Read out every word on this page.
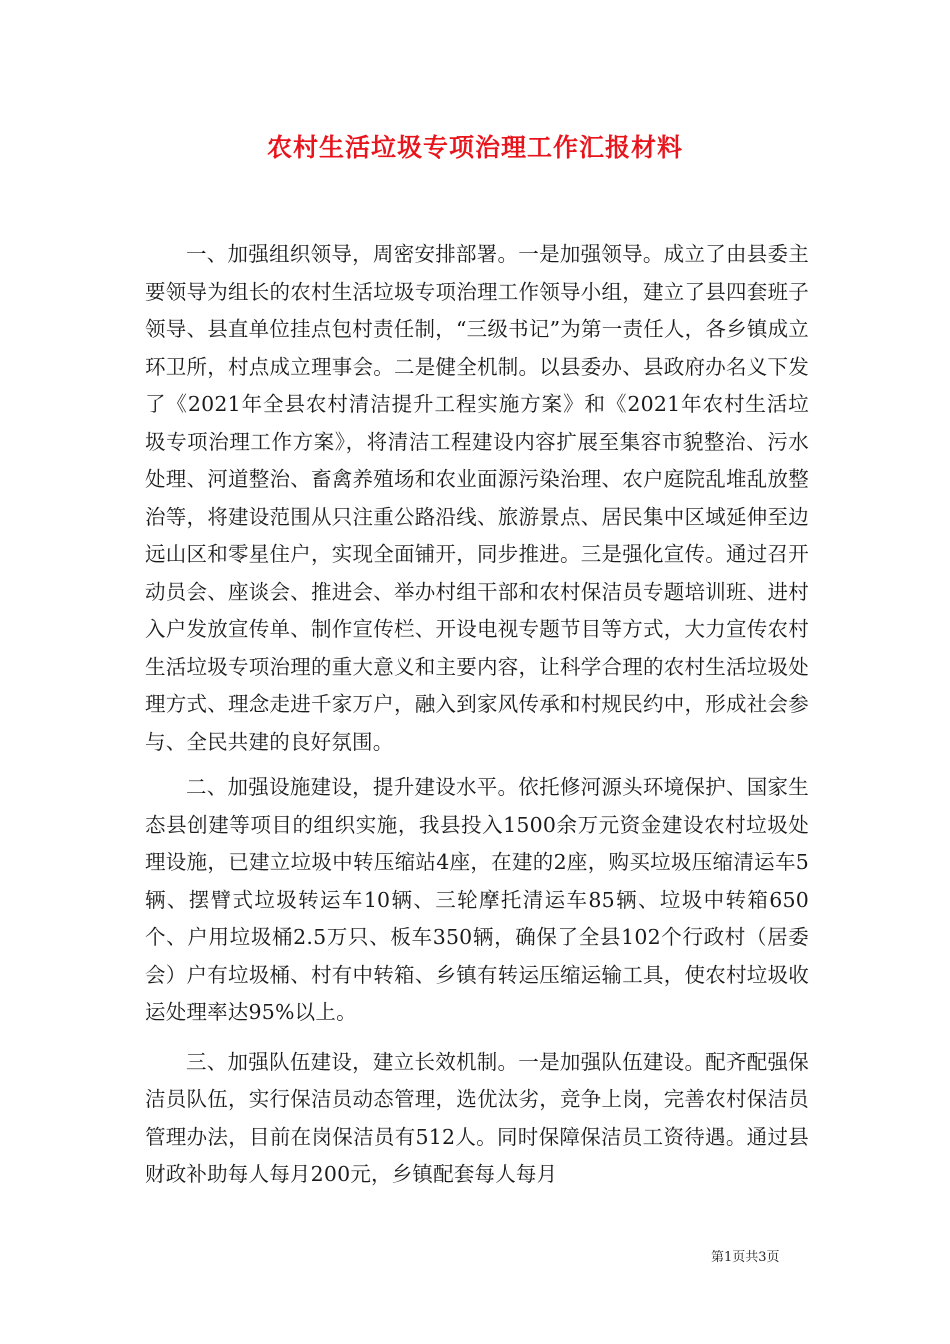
农村生活垃圾专项治理工作汇报材料

一、加强组织领导，周密安排部署。一是加强领导。成立了由县委主要领导为组长的农村生活垃圾专项治理工作领导小组，建立了县四套班子领导、县直单位挂点包村责任制，“三级书记”为第一责任人，各乡镇成立环卫所，村点成立理事会。二是健全机制。以县委办、县政府办名义下发了《2021年全县农村清洁提升工程实施方案》和《2021年农村生活垃圾专项治理工作方案》，将清洁工程建设内容扩展至集容市貌整治、污水处理、河道整治、畜禽养殖场和农业面源污染治理、农户庭院乱堆乱放整治等，将建设范围从只注重公路沿线、旅游景点、居民集中区域延伸至边远山区和零星住户，实现全面铺开，同步推进。三是强化宣传。通过召开动员会、座谈会、推进会、举办村组干部和农村保洁员专题培训班、进村入户发放宣传单、制作宣传栏、开设电视专题节目等方式，大力宣传农村生活垃圾专项治理的重大意义和主要内容，让科学合理的农村生活垃圾处理方式、理念走进千家万户，融入到家风传承和村规民约中，形成社会参与、全民共建的良好氛围。

二、加强设施建设，提升建设水平。依托修河源头环境保护、国家生态县创建等项目的组织实施，我县投入1500余万元资金建设农村垃圾处理设施，已建立垃圾中转压缩站4座，在建的2座，购买垃圾压缩清运车5辆、摆臂式垃圾转运车10辆、三轮摩托清运车85辆、垃圾中转箱650个、户用垃圾桶2.5万只、板车350辆，确保了全县102个行政村（居委会）户有垃圾桶、村有中转箱、乡镇有转运压缩运输工具，使农村垃圾收运处理率达95%以上。

三、加强队伍建设，建立长效机制。一是加强队伍建设。配齐配强保洁员队伍，实行保洁员动态管理，选优汰劣，竞争上岗，完善农村保洁员管理办法，目前在岗保洁员有512人。同时保障保洁员工资待遇。通过县财政补助每人每月200元，乡镇配套每人每月

第1页共3页
